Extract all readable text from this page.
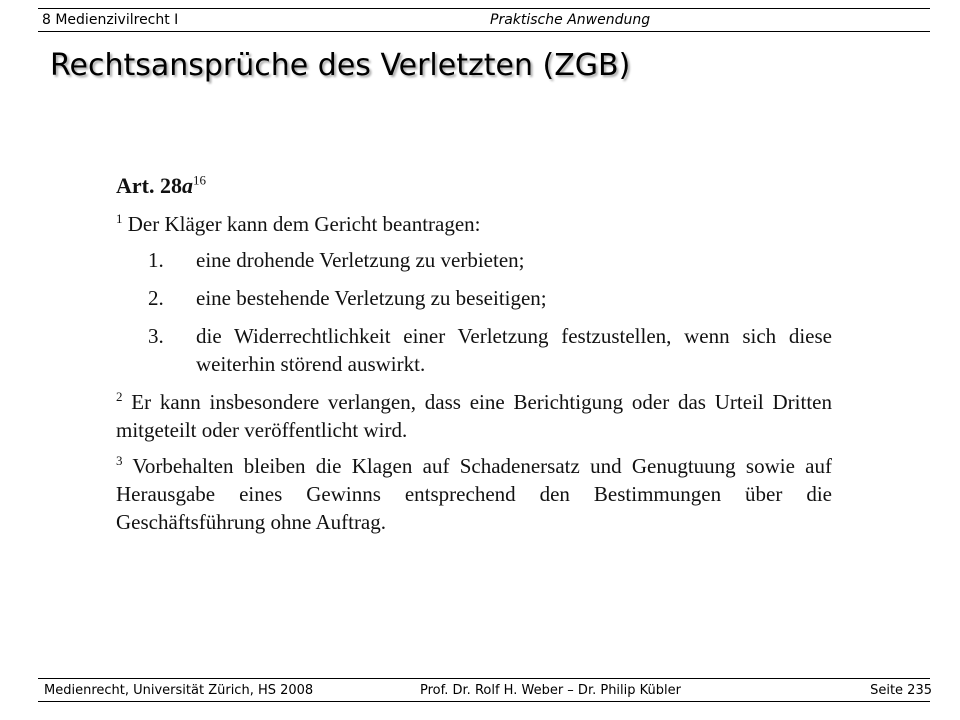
8 Medienzivilrecht I	Praktische Anwendung
Rechtsansprüche des Verletzten (ZGB)
Art. $28a^{16}$
$^1$ Der Kläger kann dem Gericht beantragen:
1. eine drohende Verletzung zu verbieten;
2. eine bestehende Verletzung zu beseitigen;
3. die Widerrechtlichkeit einer Verletzung festzustellen, wenn sich diese weiterhin störend auswirkt.
$^2$ Er kann insbesondere verlangen, dass eine Berichtigung oder das Urteil Dritten mitgeteilt oder veröffentlicht wird.
$^3$ Vorbehalten bleiben die Klagen auf Schadenersatz und Genugtuung sowie auf Herausgabe eines Gewinns entsprechend den Bestimmungen über die Geschäftsführung ohne Auftrag.
Medienrecht, Universität Zürich, HS 2008	Prof. Dr. Rolf H. Weber – Dr. Philip Kübler	Seite 235
